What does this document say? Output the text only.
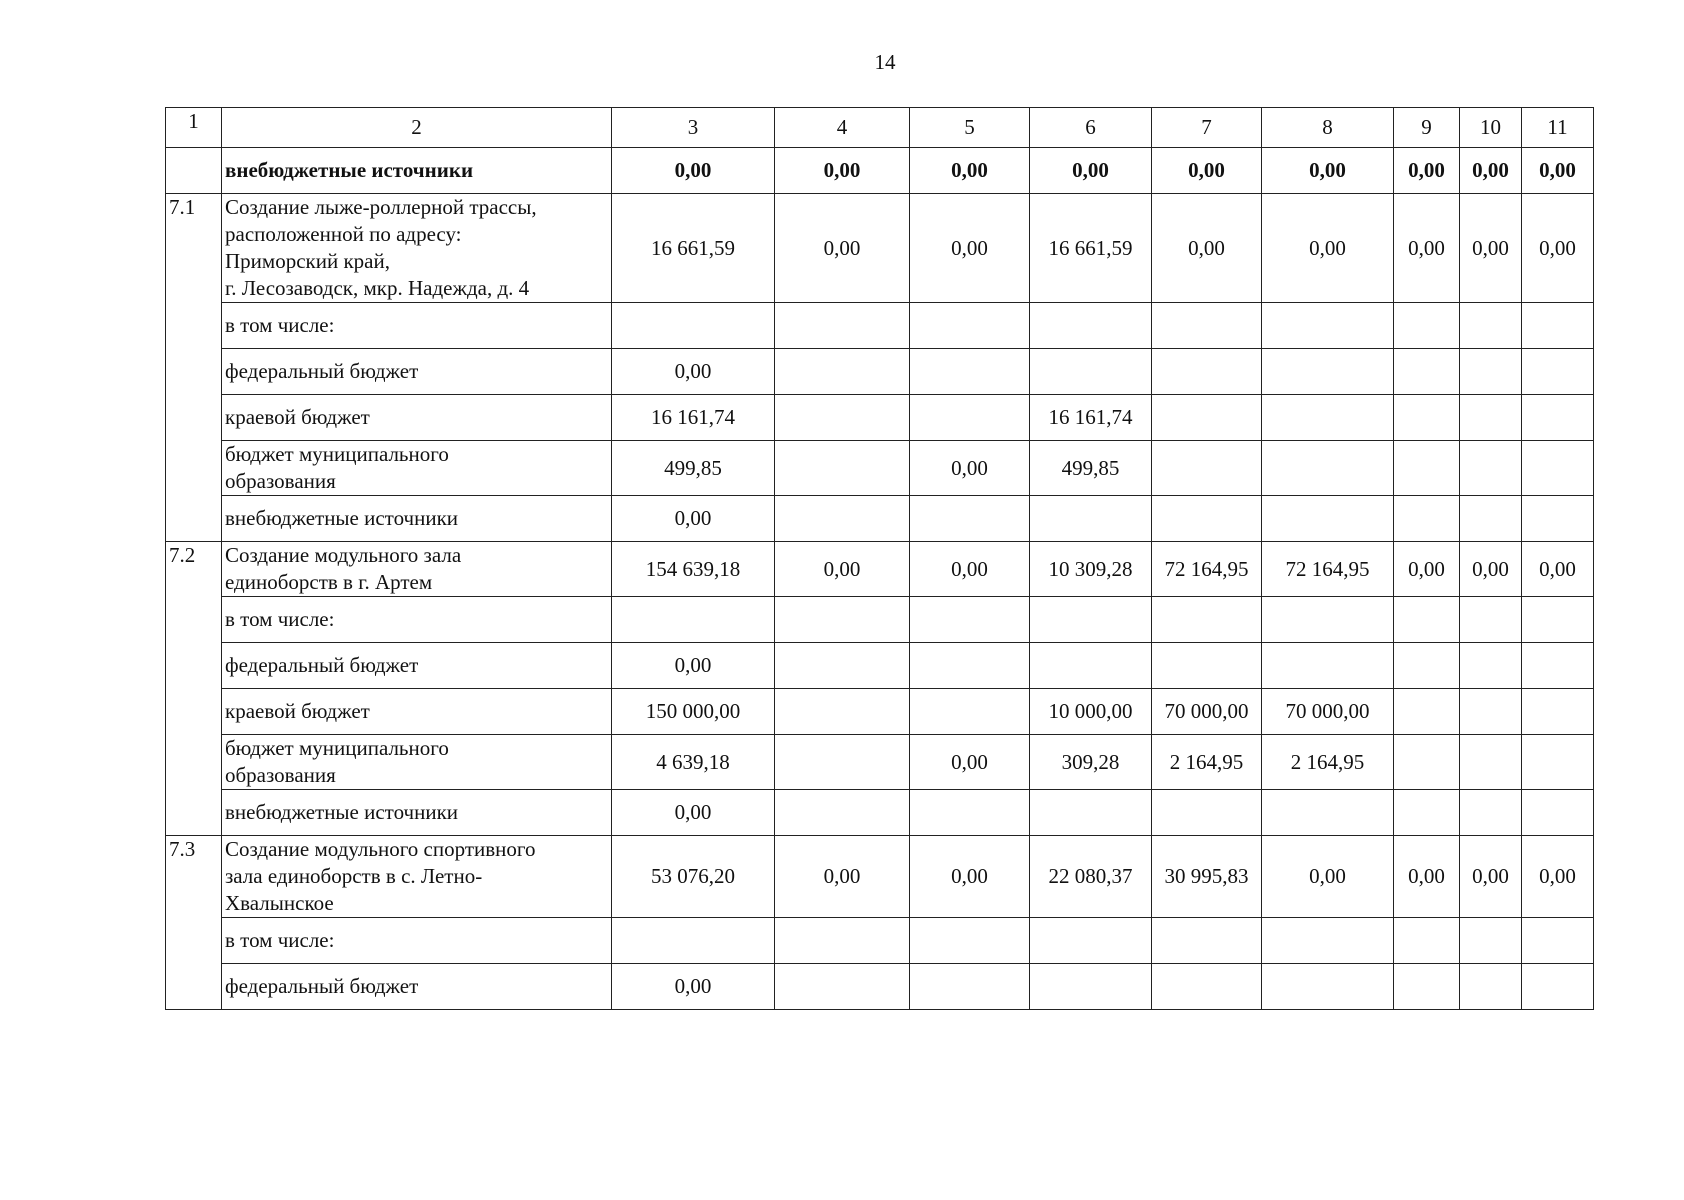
14
1	2	3	4	5	6	7	8	9	10	11
	внебюджетные источники	0,00	0,00	0,00	0,00	0,00	0,00	0,00	0,00	0,00
7.1	Создание лыже-роллерной трассы,
расположенной по адресу:
Приморский край,
г. Лесозаводск, мкр. Надежда, д. 4	16 661,59	0,00	0,00	16 661,59	0,00	0,00	0,00	0,00	0,00

	в том числе:									

	федеральный бюджет	0,00								

	краевой бюджет	16 161,74			16 161,74					

	бюджет муниципального
образования	499,85		0,00	499,85					

	внебюджетные источники	0,00								
7.2	Создание модульного зала
единоборств в г. Артем	154 639,18	0,00	0,00	10 309,28	72 164,95	72 164,95	0,00	0,00	0,00

	в том числе:									

	федеральный бюджет	0,00								

	краевой бюджет	150 000,00			10 000,00	70 000,00	70 000,00			

	бюджет муниципального
образования	4 639,18		0,00	309,28	2 164,95	2 164,95			

	внебюджетные источники	0,00								
7.3	Создание модульного спортивного
зала единоборств в с. Летно-
Хвалынское	53 076,20	0,00	0,00	22 080,37	30 995,83	0,00	0,00	0,00	0,00

	в том числе:									

	федеральный бюджет	0,00								
